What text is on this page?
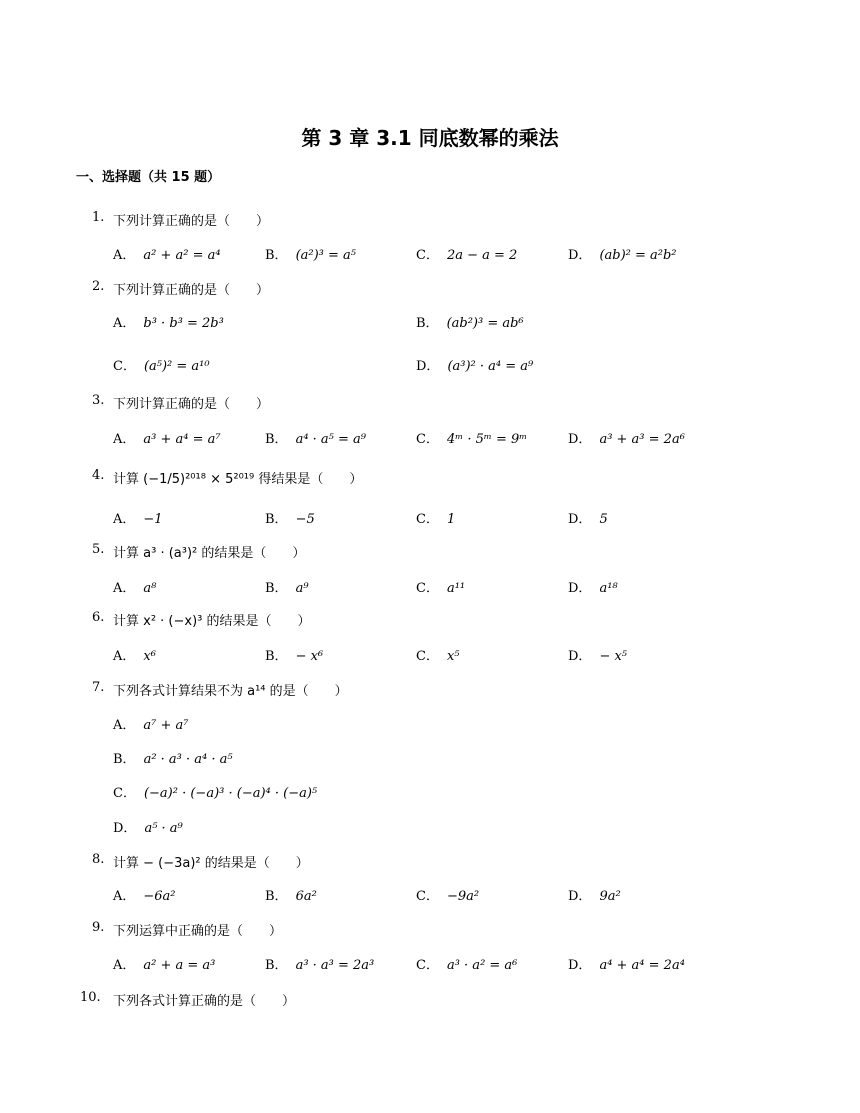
第 3 章 3.1 同底数幂的乘法
一、选择题（共 15 题）
1. 下列计算正确的是（　　）
A． a² + a² = a⁴	B． (a²)³ = a⁵	C． 2a − a = 2	D． (ab)² = a²b²
2. 下列计算正确的是（　　）
A． b³ · b³ = 2b³	B． (ab²)³ = ab⁶
C． (a⁵)² = a¹⁰	D． (a³)² · a⁴ = a⁹
3. 下列计算正确的是（　　）
A． a³ + a⁴ = a⁷	B． a⁴ · a⁵ = a⁹	C． 4ᵐ · 5ᵐ = 9ᵐ	D． a³ + a³ = 2a⁶
4. 计算 (−1/5)²⁰¹⁸ × 5²⁰¹⁹ 得结果是（　　）
A． −1	B． −5	C． 1	D． 5
5. 计算 a³ · (a³)² 的结果是（　　）
A． a⁸	B． a⁹	C． a¹¹	D． a¹⁸
6. 计算 x² · (−x)³ 的结果是（　　）
A． x⁶	B． − x⁶	C． x⁵	D． − x⁵
7. 下列各式计算结果不为 a¹⁴ 的是（　　）
A． a⁷ + a⁷
B． a² · a³ · a⁴ · a⁵
C． (−a)² · (−a)³ · (−a)⁴ · (−a)⁵
D． a⁵ · a⁹
8. 计算 − (−3a)² 的结果是（　　）
A． −6a²	B． 6a²	C． −9a²	D． 9a²
9. 下列运算中正确的是（　　）
A． a² + a = a³	B． a³ · a³ = 2a³	C． a³ · a² = a⁶	D． a⁴ + a⁴ = 2a⁴
10. 下列各式计算正确的是（　　）
